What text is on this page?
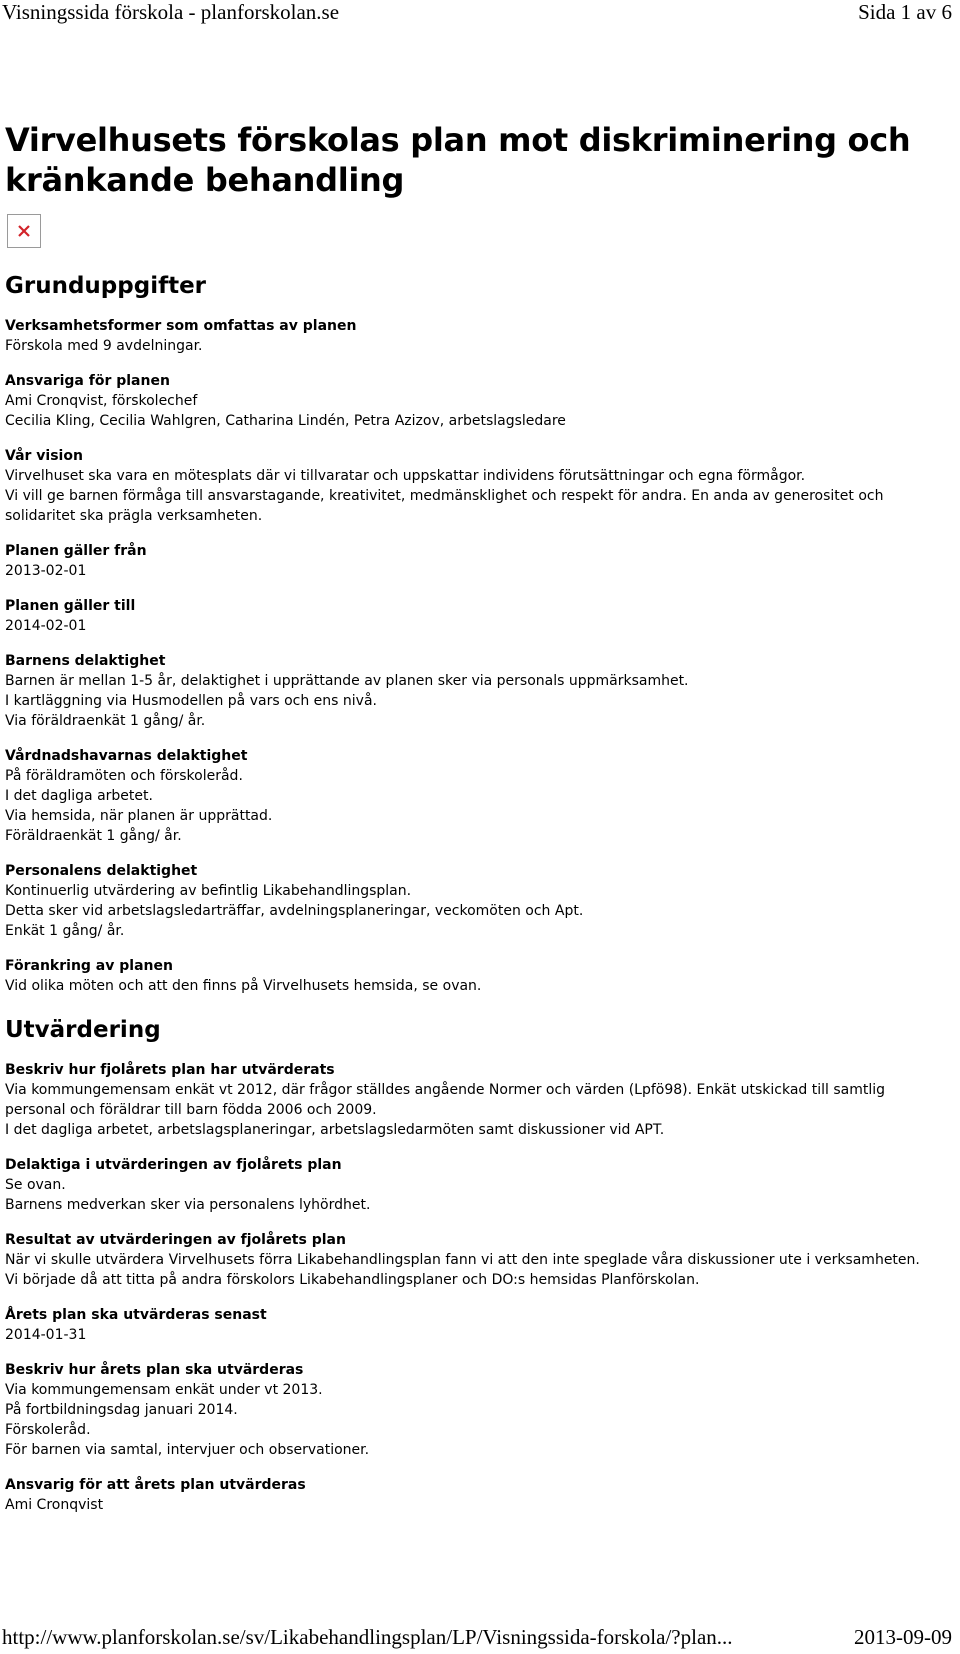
Visningssida förskola - planforskolan.se	Sida 1 av 6
Virvelhusets förskolas plan mot diskriminering och kränkande behandling
Grunduppgifter
Verksamhetsformer som omfattas av planen
Förskola med 9 avdelningar.
Ansvariga för planen
Ami Cronqvist, förskolechef
Cecilia Kling, Cecilia Wahlgren, Catharina Lindén, Petra Azizov, arbetslagsledare
Vår vision
Virvelhuset ska vara en mötesplats där vi tillvaratar och uppskattar individens förutsättningar och egna förmågor.
Vi vill ge barnen förmåga till ansvarstagande, kreativitet, medmänsklighet och respekt för andra. En anda av generositet och solidaritet ska prägla verksamheten.
Planen gäller från
2013-02-01
Planen gäller till
2014-02-01
Barnens delaktighet
Barnen är mellan 1-5 år, delaktighet i upprättande av planen sker via personals uppmärksamhet.
I kartläggning via Husmodellen på vars och ens nivå.
Via föräldraenkät 1 gång/ år.
Vårdnadshavarnas delaktighet
På föräldramöten och förskoleråd.
I det dagliga arbetet.
Via hemsida, när planen är upprättad.
Föräldraenkät 1 gång/ år.
Personalens delaktighet
Kontinuerlig utvärdering av befintlig Likabehandlingsplan.
Detta sker vid arbetslagsledarträffar, avdelningsplaneringar, veckomöten och Apt.
Enkät 1 gång/ år.
Förankring av planen
Vid olika möten och att den finns på Virvelhusets hemsida, se ovan.
Utvärdering
Beskriv hur fjolårets plan har utvärderats
Via kommungemensam enkät vt 2012, där frågor ställdes angående Normer och värden (Lpfö98). Enkät utskickad till samtlig personal och föräldrar till barn födda 2006 och 2009.
I det dagliga arbetet, arbetslagsplaneringar, arbetslagsledarmöten samt diskussioner vid APT.
Delaktiga i utvärderingen av fjolårets plan
Se ovan.
Barnens medverkan sker via personalens lyhördhet.
Resultat av utvärderingen av fjolårets plan
När vi skulle utvärdera Virvelhusets förra Likabehandlingsplan fann vi att den inte speglade våra diskussioner ute i verksamheten.
Vi började då att titta på andra förskolors Likabehandlingsplaner och DO:s hemsidas Planförskolan.
Årets plan ska utvärderas senast
2014-01-31
Beskriv hur årets plan ska utvärderas
Via kommungemensam enkät under vt 2013.
På fortbildningsdag januari 2014.
Förskoleråd.
För barnen via samtal, intervjuer och observationer.
Ansvarig för att årets plan utvärderas
Ami Cronqvist
http://www.planforskolan.se/sv/Likabehandlingsplan/LP/Visningssida-forskola/?plan...	2013-09-09
